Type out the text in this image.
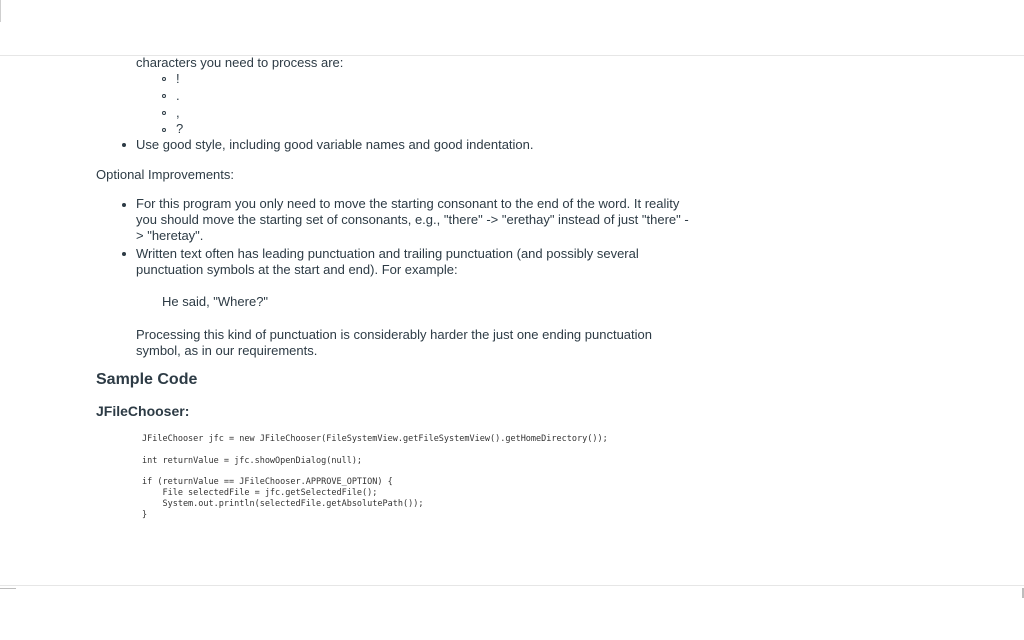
characters you need to process are:
!
.
,
?
Use good style, including good variable names and good indentation.
Optional Improvements:
For this program you only need to move the starting consonant to the end of the word. It reality
you should move the starting set of consonants, e.g., "there" -> "erethay" instead of just "there" -
> "heretay".
Written text often has leading punctuation and trailing punctuation (and possibly several
punctuation symbols at the start and end). For example:
He said, "Where?"
Processing this kind of punctuation is considerably harder the just one ending punctuation
symbol, as in our requirements.
Sample Code
JFileChooser:
JFileChooser jfc = new JFileChooser(FileSystemView.getFileSystemView().getHomeDirectory());
int returnValue = jfc.showOpenDialog(null);
if (returnValue == JFileChooser.APPROVE_OPTION) {
File selectedFile = jfc.getSelectedFile();
System.out.println(selectedFile.getAbsolutePath());
}
